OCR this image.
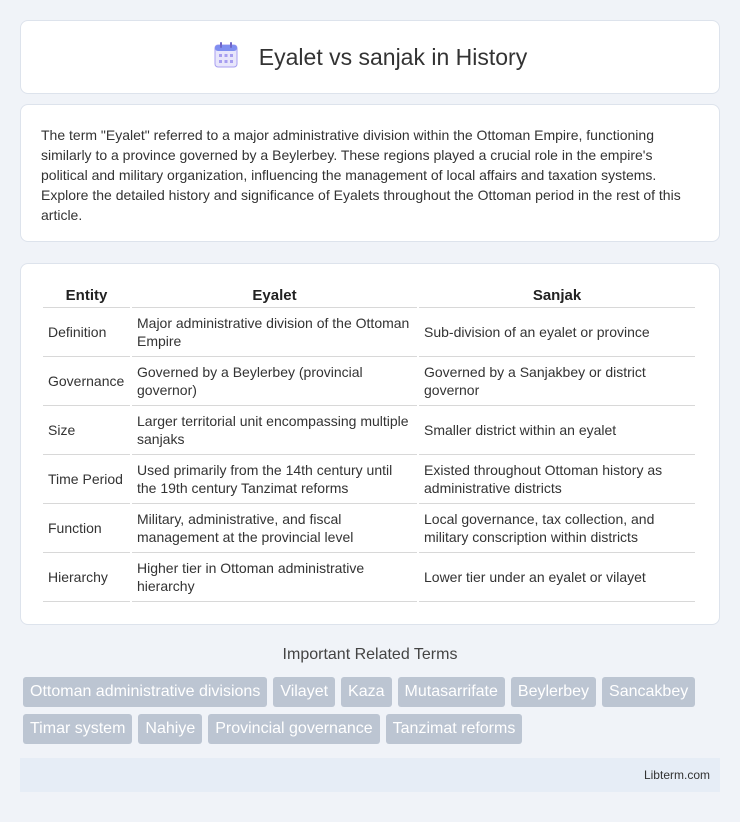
Eyalet vs sanjak in History

The term "Eyalet" referred to a major administrative division within the Ottoman Empire, functioning similarly to a province governed by a Beylerbey. These regions played a crucial role in the empire's political and military organization, influencing the management of local affairs and taxation systems. Explore the detailed history and significance of Eyalets throughout the Ottoman period in the rest of this article.

Entity	Eyalet	Sanjak
Definition	Major administrative division of the Ottoman Empire	Sub-division of an eyalet or province
Governance	Governed by a Beylerbey (provincial governor)	Governed by a Sanjakbey or district governor
Size	Larger territorial unit encompassing multiple sanjaks	Smaller district within an eyalet
Time Period	Used primarily from the 14th century until the 19th century Tanzimat reforms	Existed throughout Ottoman history as administrative districts
Function	Military, administrative, and fiscal management at the provincial level	Local governance, tax collection, and military conscription within districts
Hierarchy	Higher tier in Ottoman administrative hierarchy	Lower tier under an eyalet or vilayet
Important Related Terms
Ottoman administrative divisions	Vilayet	Kaza	Mutasarrifate	Beylerbey	Sancakbey
Timar system	Nahiye	Provincial governance	Tanzimat reforms
Libterm.com
